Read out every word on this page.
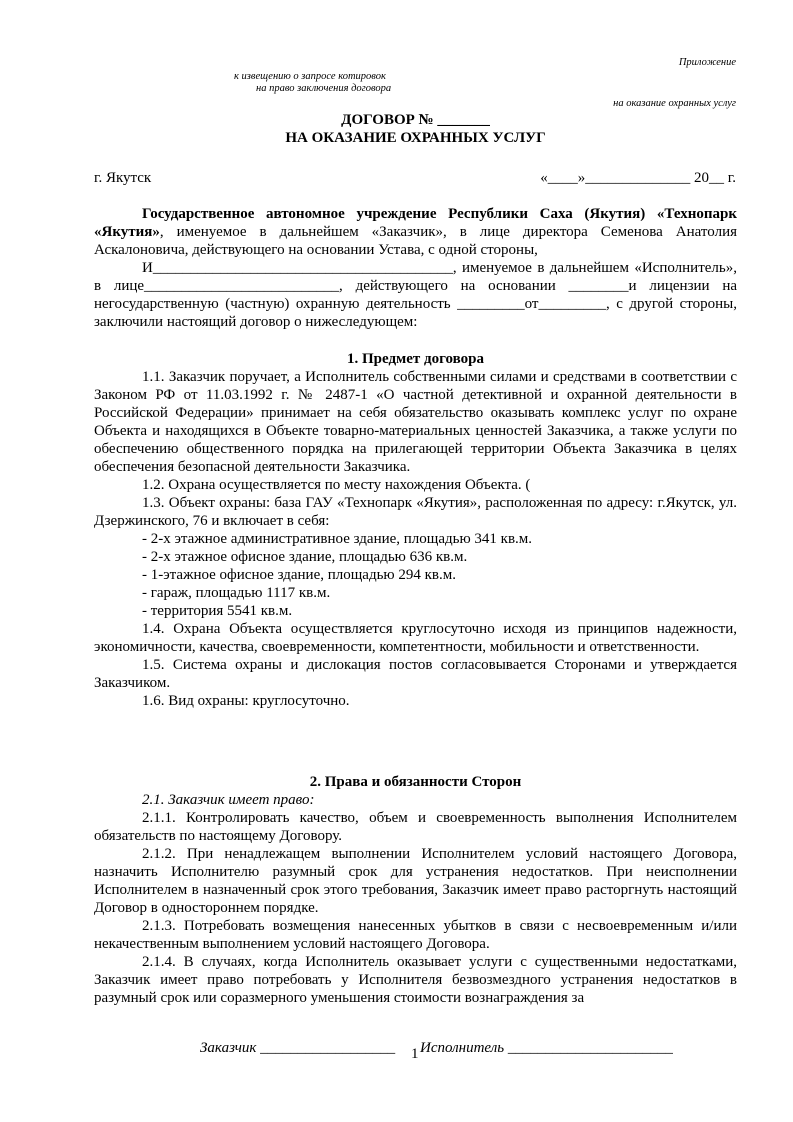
Приложение
к извещению о запросе котировок
на право заключения договора
на оказание охранных услуг
ДОГОВОР № _______
НА ОКАЗАНИЕ ОХРАННЫХ УСЛУГ
г. Якутск	«____»______________ 20__ г.

Государственное автономное учреждение Республики Саха (Якутия) «Технопарк «Якутия», именуемое в дальнейшем «Заказчик», в лице директора Семенова Анатолия Аскалоновича, действующего на основании Устава, с одной стороны,

И________________________________________, именуемое в дальнейшем «Исполнитель», в лице__________________________, действующего на основании ________и лицензии на негосударственную (частную) охранную деятельность _________от_________, с другой стороны, заключили настоящий договор о нижеследующем:

1. Предмет договора

1.1. Заказчик поручает, а Исполнитель собственными силами и средствами в соответствии с Законом РФ от 11.03.1992 г. № 2487-1 «О частной детективной и охранной деятельности в Российской Федерации» принимает на себя обязательство оказывать комплекс услуг по охране Объекта и находящихся в Объекте товарно-материальных ценностей Заказчика, а также услуги по обеспечению общественного порядка на прилегающей территории Объекта Заказчика в целях обеспечения безопасной деятельности Заказчика.

1.2. Охрана осуществляется по месту нахождения Объекта. (

1.3. Объект охраны: база ГАУ «Технопарк «Якутия», расположенная по адресу: г.Якутск, ул. Дзержинского, 76 и включает в себя:

- 2-х этажное административное здание, площадью 341 кв.м.

- 2-х этажное офисное здание, площадью 636 кв.м.

- 1-этажное офисное здание, площадью 294 кв.м.

- гараж, площадью 1117 кв.м.

- территория 5541 кв.м.

1.4. Охрана Объекта осуществляется круглосуточно исходя из принципов надежности, экономичности, качества, своевременности, компетентности, мобильности и ответственности.

1.5. Система охраны и дислокация постов согласовывается Сторонами и утверждается Заказчиком.

1.6. Вид охраны: круглосуточно.

2. Права и обязанности Сторон

2.1. Заказчик имеет право:

2.1.1. Контролировать качество, объем и своевременность выполнения Исполнителем обязательств по настоящему Договору.

2.1.2. При ненадлежащем выполнении Исполнителем условий настоящего Договора, назначить Исполнителю разумный срок для устранения недостатков. При неисполнении Исполнителем в назначенный срок этого требования, Заказчик имеет право расторгнуть настоящий Договор в одностороннем порядке.

2.1.3. Потребовать возмещения нанесенных убытков в связи с несвоевременным и/или некачественным выполнением условий настоящего Договора.

2.1.4. В случаях, когда Исполнитель оказывает услуги с существенными недостатками, Заказчик имеет право потребовать у Исполнителя безвозмездного устранения недостатков в разумный срок или соразмерного уменьшения стоимости вознаграждения за

Заказчик __________________ 1 Исполнитель ______________________
